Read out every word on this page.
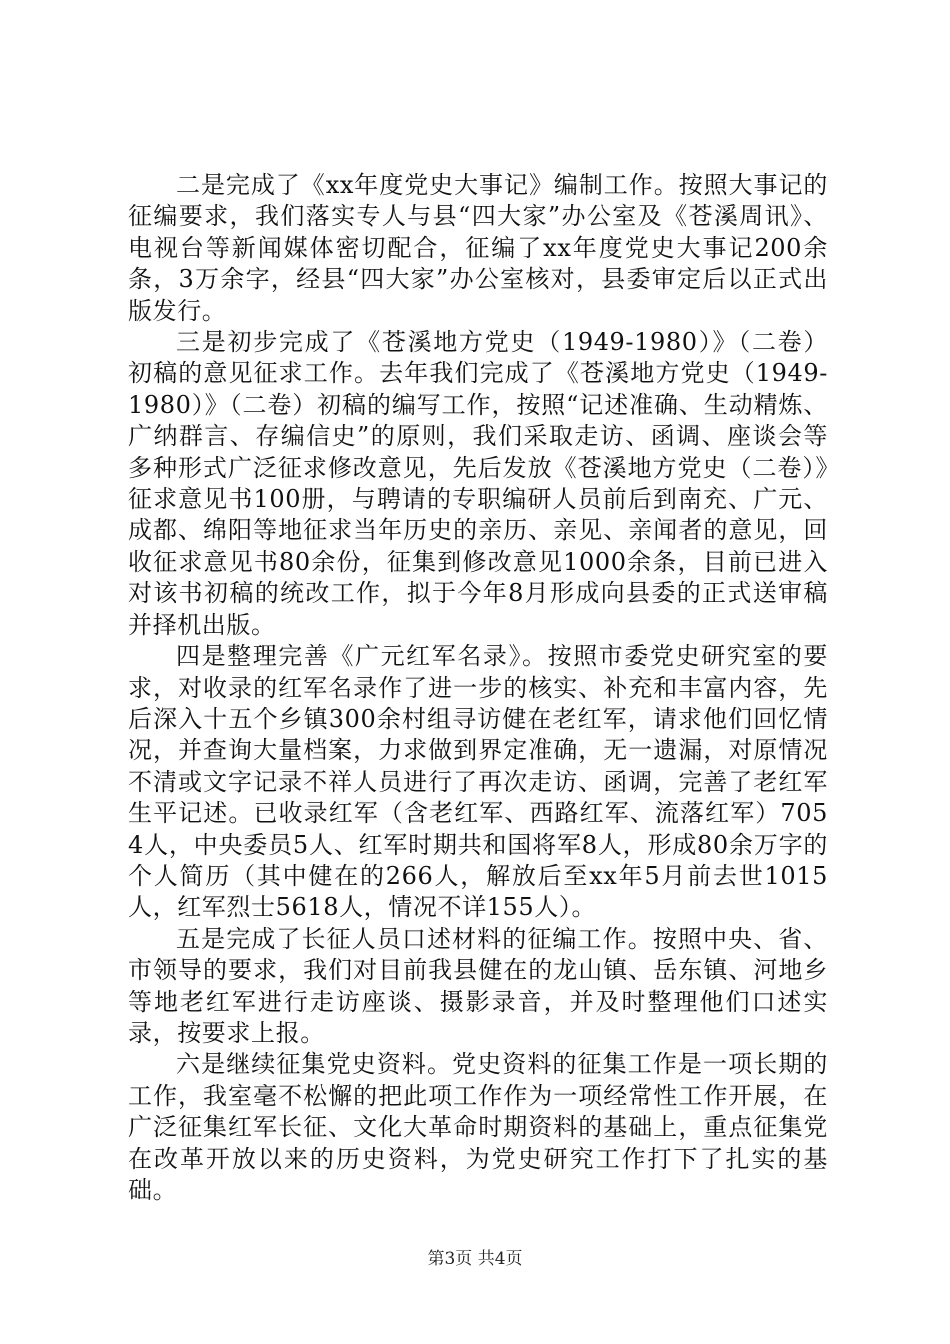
二是完成了《xx年度党史大事记》编制工作。按照大事记的征编要求，我们落实专人与县“四大家”办公室及《苍溪周讯》、电视台等新闻媒体密切配合，征编了xx年度党史大事记200余条，3万余字，经县“四大家”办公室核对，县委审定后以正式出版发行。

三是初步完成了《苍溪地方党史（1949-1980）》（二卷）初稿的意见征求工作。去年我们完成了《苍溪地方党史（1949-1980）》（二卷）初稿的编写工作，按照“记述准确、生动精炼、广纳群言、存编信史”的原则，我们采取走访、函调、座谈会等多种形式广泛征求修改意见，先后发放《苍溪地方党史（二卷）》征求意见书100册，与聘请的专职编研人员前后到南充、广元、成都、绵阳等地征求当年历史的亲历、亲见、亲闻者的意见，回收征求意见书80余份，征集到修改意见1000余条，目前已进入对该书初稿的统改工作，拟于今年8月形成向县委的正式送审稿并择机出版。

四是整理完善《广元红军名录》。按照市委党史研究室的要求，对收录的红军名录作了进一步的核实、补充和丰富内容，先后深入十五个乡镇300余村组寻访健在老红军，请求他们回忆情况，并查询大量档案，力求做到界定准确，无一遗漏，对原情况不清或文字记录不祥人员进行了再次走访、函调，完善了老红军生平记述。已收录红军（含老红军、西路红军、流落红军）7054人，中央委员5人、红军时期共和国将军8人，形成80余万字的个人简历（其中健在的266人，解放后至xx年5月前去世1015人，红军烈士5618人，情况不详155人）。

五是完成了长征人员口述材料的征编工作。按照中央、省、市领导的要求，我们对目前我县健在的龙山镇、岳东镇、河地乡等地老红军进行走访座谈、摄影录音，并及时整理他们口述实录，按要求上报。

六是继续征集党史资料。党史资料的征集工作是一项长期的工作，我室毫不松懈的把此项工作作为一项经常性工作开展，在广泛征集红军长征、文化大革命时期资料的基础上，重点征集党在改革开放以来的历史资料，为党史研究工作打下了扎实的基础。

第3页 共4页
